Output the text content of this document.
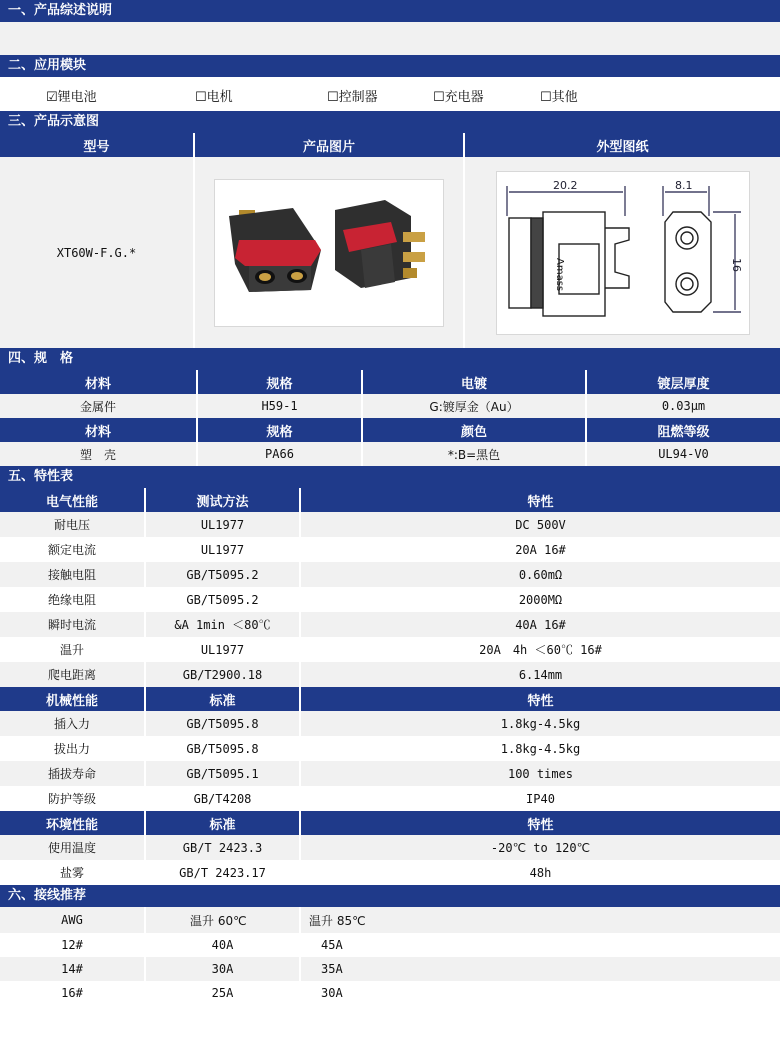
一、产品综述说明
二、应用模块
☑锂电池	☐电机	☐控制器	☐充电器	☐其他
三、产品示意图
型号	产品图片	外型图纸
XT60W-F.G.*
20.2
Amass
8.1
16
四、规　格
材料	规格	电镀	镀层厚度
金属件	H59-1	G:镀厚金（Au）	0.03μm
材料	规格	颜色	阻燃等级
塑　壳	PA66	*:B=黑色	UL94-V0
五、特性表
电气性能	测试方法	特性
耐电压	UL1977	DC 500V
额定电流	UL1977	20A 16#
接触电阻	GB/T5095.2	0.60mΩ
绝缘电阻	GB/T5095.2	2000MΩ
瞬时电流	&A 1min ＜80℃	40A 16#
温升	UL1977	20A　4h ＜60℃ 16#
爬电距离	GB/T2900.18	6.14mm
机械性能	标准	特性
插入力	GB/T5095.8	1.8kg-4.5kg
拔出力	GB/T5095.8	1.8kg-4.5kg
插拔寿命	GB/T5095.1	100 times
防护等级	GB/T4208	IP40
环境性能	标准	特性
使用温度	GB/T 2423.3	-20℃ to 120℃
盐雾	GB/T 2423.17	48h
六、接线推荐
AWG	温升 60℃	温升 85℃
12#	40A	45A
14#	30A	35A
16#	25A	30A
